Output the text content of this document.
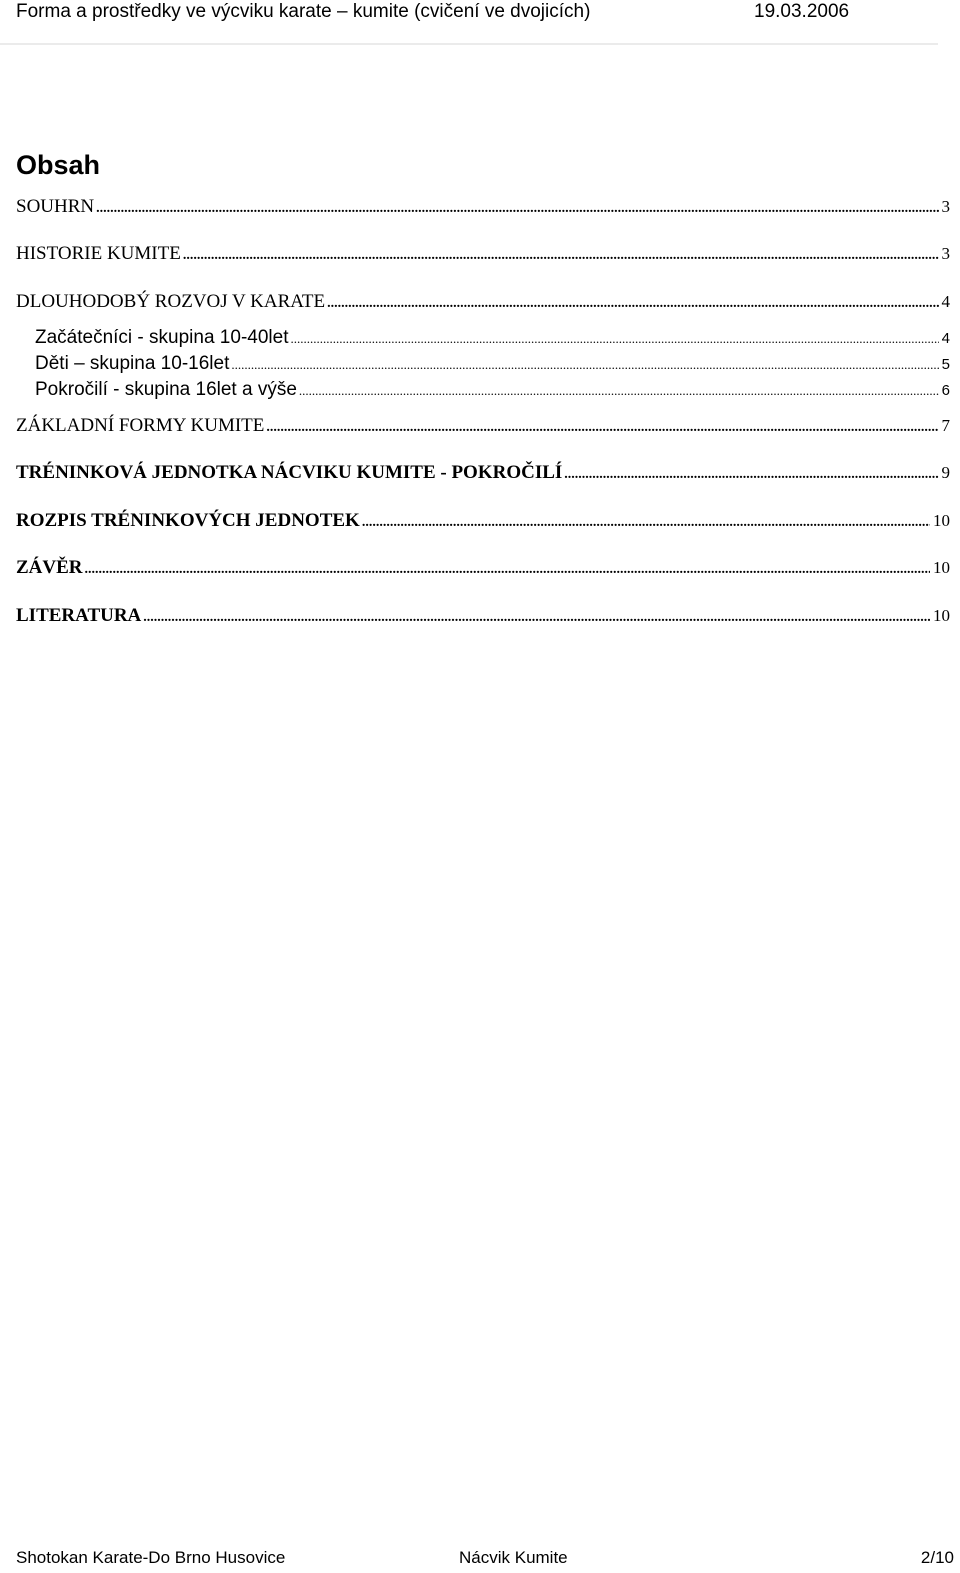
Forma a prostředky ve výcviku karate – kumite (cvičení ve dvojicích)	19.03.2006
Obsah
SOUHRN .....	3
HISTORIE KUMITE .....	3
DLOUHODOBÝ ROZVOJ V KARATE .....	4
Začátečníci - skupina 10-40let .....	4
Děti – skupina 10-16let .....	5
Pokročilí - skupina 16let a výše .....	6
ZÁKLADNÍ FORMY KUMITE .....	7
TRÉNINKOVÁ JEDNOTKA NÁCVIKU KUMITE - POKROČILÍ .....	9
ROZPIS TRÉNINKOVÝCH JEDNOTEK .....	10
ZÁVĚR .....	10
LITERATURA .....	10
Shotokan Karate-Do Brno Husovice	Nácvik Kumite	2/10
